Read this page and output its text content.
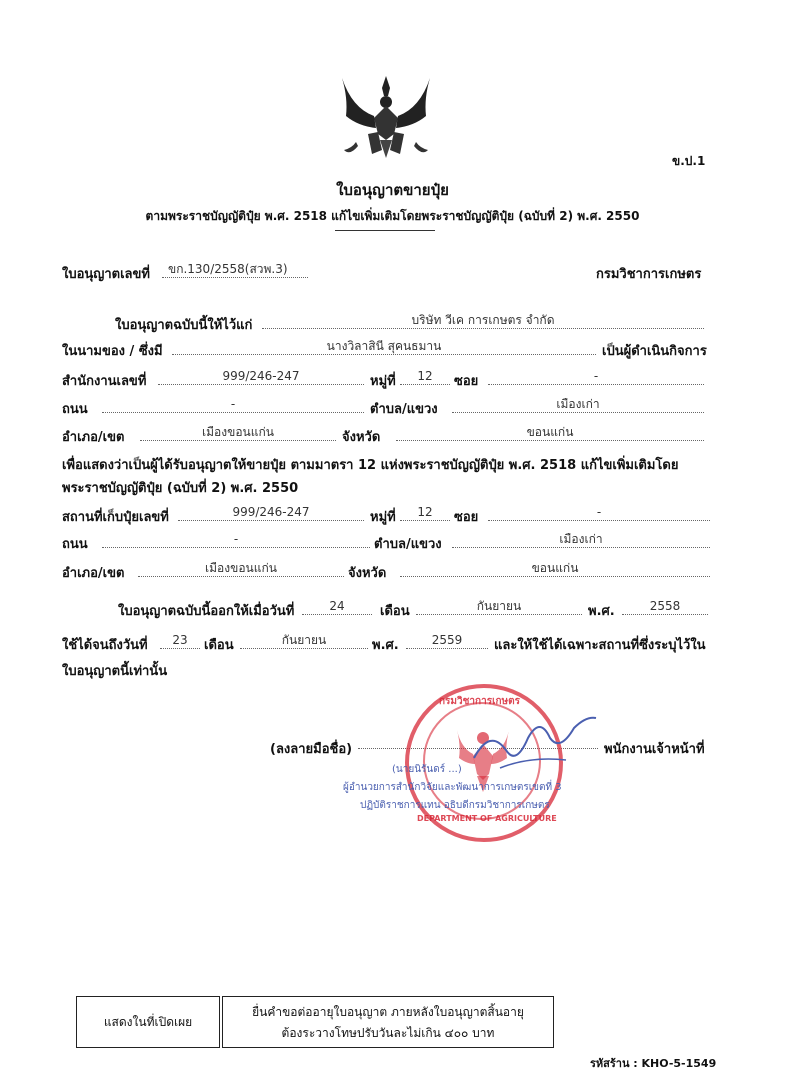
ข.ป.1
ใบอนุญาตขายปุ๋ย
ตามพระราชบัญญัติปุ๋ย พ.ศ. 2518 แก้ไขเพิ่มเติมโดยพระราชบัญญัติปุ๋ย (ฉบับที่ 2) พ.ศ. 2550
ใบอนุญาตเลขที่	ขก.130/2558(สวพ.3)	กรมวิชาการเกษตร
ใบอนุญาตฉบับนี้ให้ไว้แก่	บริษัท วีเค การเกษตร จำกัด
ในนามของ / ซึ่งมี	นางวิลาสินี สุคนธมาน	เป็นผู้ดำเนินกิจการ
สำนักงานเลขที่	999/246-247	หมู่ที่	12	ซอย	-
ถนน	-	ตำบล/แขวง	เมืองเก่า
อำเภอ/เขต	เมืองขอนแก่น	จังหวัด	ขอนแก่น
เพื่อแสดงว่าเป็นผู้ได้รับอนุญาตให้ขายปุ๋ย ตามมาตรา 12 แห่งพระราชบัญญัติปุ๋ย พ.ศ. 2518 แก้ไขเพิ่มเติมโดย
พระราชบัญญัติปุ๋ย (ฉบับที่ 2) พ.ศ. 2550
สถานที่เก็บปุ๋ยเลขที่	999/246-247	หมู่ที่	12	ซอย	-
ถนน	-	ตำบล/แขวง	เมืองเก่า
อำเภอ/เขต	เมืองขอนแก่น	จังหวัด	ขอนแก่น
ใบอนุญาตฉบับนี้ออกให้เมื่อวันที่	24	เดือน	กันยายน	พ.ศ.	2558
ใช้ได้จนถึงวันที่	23	เดือน	กันยายน	พ.ศ.	2559	และให้ใช้ได้เฉพาะสถานที่ซึ่งระบุไว้ใน
ใบอนุญาตนี้เท่านั้น
(ลงลายมือชื่อ)	พนักงานเจ้าหน้าที่
กรมวิชาการเกษตร
DEPARTMENT OF AGRICULTURE
(นายนิรันดร์ ...)
ผู้อำนวยการสำนักวิจัยและพัฒนาการเกษตรเขตที่ 3
ปฏิบัติราชการแทน อธิบดีกรมวิชาการเกษตร
แสดงในที่เปิดเผย
ยื่นคำขอต่ออายุใบอนุญาต ภายหลังใบอนุญาตสิ้นอายุ
ต้องระวางโทษปรับวันละไม่เกิน ๔๐๐ บาท
รหัสร้าน : KHO-5-1549
